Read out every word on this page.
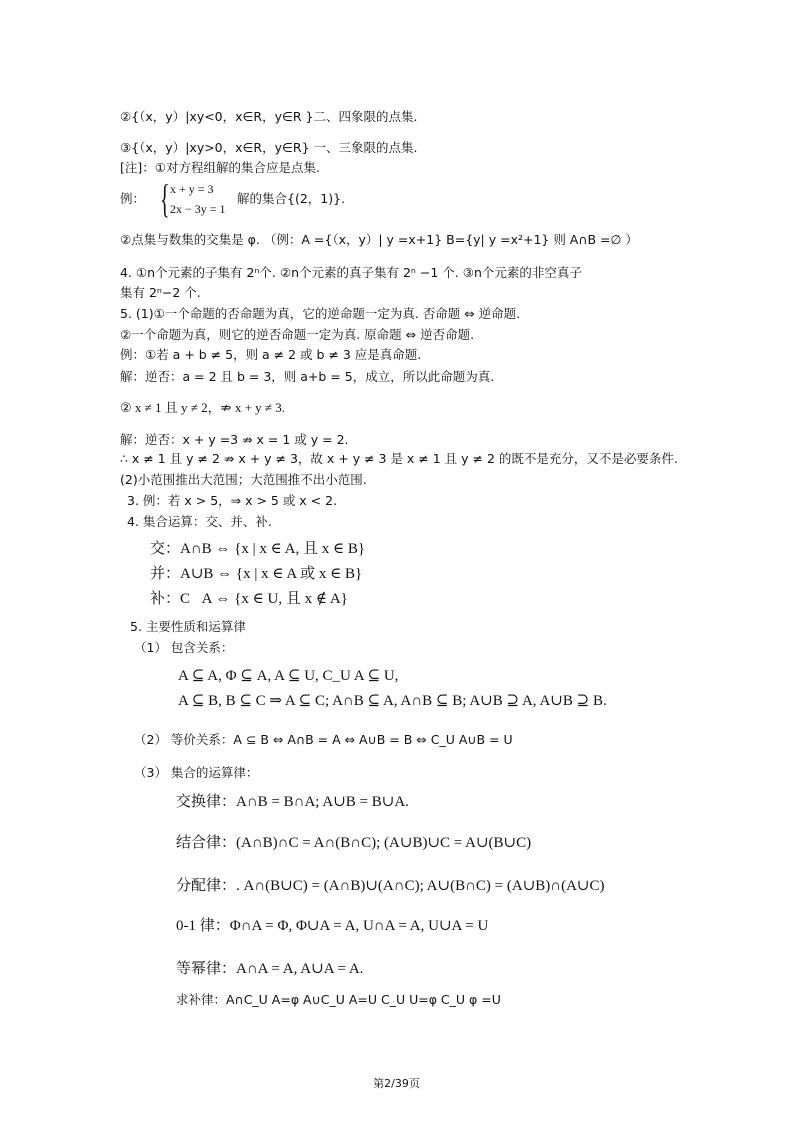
②{（x，y）|xy<0，x∈R，y∈R }二、四象限的点集.
③{（x，y）|xy>0，x∈R，y∈R} 一、三象限的点集.
[注]：①对方程组解的集合应是点集.
例： { x + y = 3
2x − 3y = 1
解的集合{(2，1)}.
②点集与数集的交集是 φ. （例：A ={（x，y）| y =x+1} B={y| y =x²+1} 则 A∩B =∅ ）
4. ①n个元素的子集有 2ⁿ个. ②n个元素的真子集有 2ⁿ −1 个. ③n个元素的非空真子
集有 2ⁿ−2 个.
5. (1)①一个命题的否命题为真，它的逆命题一定为真. 否命题 ⇔ 逆命题.
②一个命题为真，则它的逆否命题一定为真. 原命题 ⇔ 逆否命题.
例：①若 a + b ≠ 5，则 a ≠ 2 或 b ≠ 3 应是真命题.
解：逆否：a = 2 且 b = 3，则 a+b = 5，成立，所以此命题为真.
② x ≠ 1 且 y ≠ 2，⇏ x + y ≠ 3.
解：逆否：x + y =3 ⇏ x = 1 或 y = 2.
∴ x ≠ 1 且 y ≠ 2 ⇏ x + y ≠ 3，故 x + y ≠ 3 是 x ≠ 1 且 y ≠ 2 的既不是充分，又不是必要条件.
(2)小范围推出大范围；大范围推不出小范围.
3. 例：若 x > 5，⇒ x > 5 或 x < 2.
4. 集合运算：交、并、补.
交：A∩B ⇔ {x | x ∈ A, 且 x ∈ B}
并：A∪B ⇔ {x | x ∈ A 或 x ∈ B}
补：C᳐A ⇔ {x ∈ U, 且 x ∉ A}
5. 主要性质和运算律
（1） 包含关系：
A ⊆ A, Φ ⊆ A, A ⊆ U, C_U A ⊆ U,
A ⊆ B, B ⊆ C ⇒ A ⊆ C; A∩B ⊆ A, A∩B ⊆ B; A∪B ⊇ A, A∪B ⊇ B.
（2） 等价关系：A ⊆ B ⇔ A∩B = A ⇔ A∪B = B ⇔ C_U A∪B = U
（3） 集合的运算律：
交换律：A∩B = B∩A; A∪B = B∪A.
结合律：(A∩B)∩C = A∩(B∩C); (A∪B)∪C = A∪(B∪C)
分配律：. A∩(B∪C) = (A∩B)∪(A∩C); A∪(B∩C) = (A∪B)∩(A∪C)
0-1 律：Φ∩A = Φ, Φ∪A = A, U∩A = A, U∪A = U
等幂律：A∩A = A, A∪A = A.
求补律：A∩C_U A=φ A∪C_U A=U C_U U=φ C_U φ =U
第2/39页
